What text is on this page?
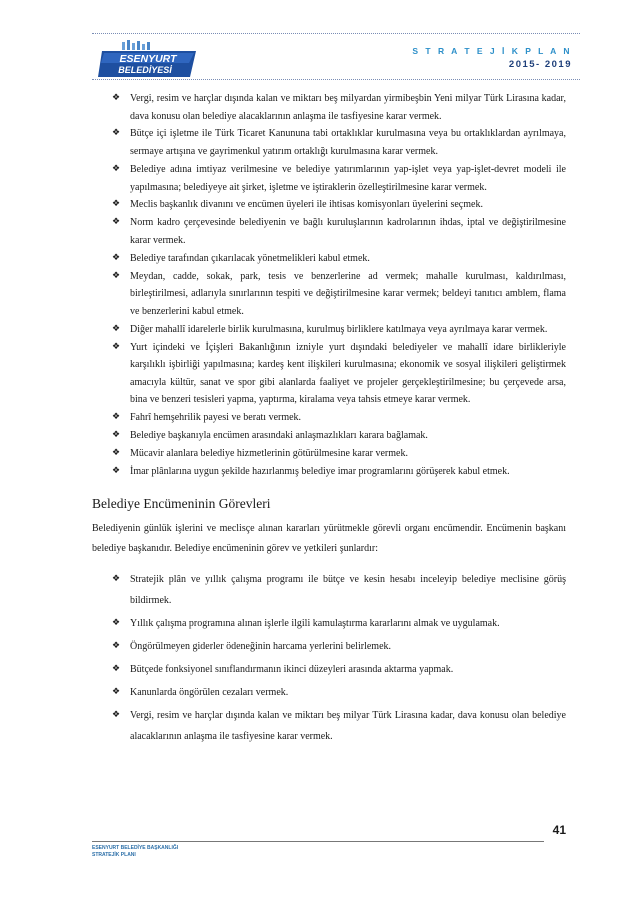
ESENYURT
BELEDİYESİ
S T R A T E J İ K P L A N
2015- 2019
❖ Vergi, resim ve harçlar dışında kalan ve miktarı beş milyardan yirmibeşbin Yeni milyar Türk Lirasına kadar, dava konusu olan belediye alacaklarının anlaşma ile tasfiyesine karar vermek.
❖ Bütçe içi işletme ile Türk Ticaret Kanununa tabi ortaklıklar kurulmasına veya bu ortaklıklardan ayrılmaya, sermaye artışına ve gayrimenkul yatırım ortaklığı kurulmasına karar vermek.
❖ Belediye adına imtiyaz verilmesine ve belediye yatırımlarının yap-işlet veya yap-işlet-devret modeli ile yapılmasına; belediyeye ait şirket, işletme ve iştiraklerin özelleştirilmesine karar vermek.
❖ Meclis başkanlık divanını ve encümen üyeleri ile ihtisas komisyonları üyelerini seçmek.
❖ Norm kadro çerçevesinde belediyenin ve bağlı kuruluşlarının kadrolarının ihdas, iptal ve değiştirilmesine karar vermek.
❖ Belediye tarafından çıkarılacak yönetmelikleri kabul etmek.
❖ Meydan, cadde, sokak, park, tesis ve benzerlerine ad vermek; mahalle kurulması, kaldırılması, birleştirilmesi, adlarıyla sınırlarının tespiti ve değiştirilmesine karar vermek; beldeyi tanıtıcı amblem, flama ve benzerlerini kabul etmek.
❖ Diğer mahallî idarelerle birlik kurulmasına, kurulmuş birliklere katılmaya veya ayrılmaya karar vermek.
❖ Yurt içindeki ve İçişleri Bakanlığının izniyle yurt dışındaki belediyeler ve mahallî idare birlikleriyle karşılıklı işbirliği yapılmasına; kardeş kent ilişkileri kurulmasına; ekonomik ve sosyal ilişkileri geliştirmek amacıyla kültür, sanat ve spor gibi alanlarda faaliyet ve projeler gerçekleştirilmesine; bu çerçevede arsa, bina ve benzeri tesisleri yapma, yaptırma, kiralama veya tahsis etmeye karar vermek.
❖ Fahrî hemşehrilik payesi ve beratı vermek.
❖ Belediye başkanıyla encümen arasındaki anlaşmazlıkları karara bağlamak.
❖ Mücavir alanlara belediye hizmetlerinin götürülmesine karar vermek.
❖ İmar plânlarına uygun şekilde hazırlanmış belediye imar programlarını görüşerek kabul etmek.
Belediye Encümeninin Görevleri
Belediyenin günlük işlerini ve meclisçe alınan kararları yürütmekle görevli organı encümendir. Encümenin başkanı belediye başkanıdır. Belediye encümeninin görev ve yetkileri şunlardır:
❖ Stratejik plân ve yıllık çalışma programı ile bütçe ve kesin hesabı inceleyip belediye meclisine görüş bildirmek.
❖ Yıllık çalışma programına alınan işlerle ilgili kamulaştırma kararlarını almak ve uygulamak.
❖ Öngörülmeyen giderler ödeneğinin harcama yerlerini belirlemek.
❖ Bütçede fonksiyonel sınıflandırmanın ikinci düzeyleri arasında aktarma yapmak.
❖ Kanunlarda öngörülen cezaları vermek.
❖ Vergi, resim ve harçlar dışında kalan ve miktarı beş milyar Türk Lirasına kadar, dava konusu olan belediye alacaklarının anlaşma ile tasfiyesine karar vermek.
41
ESENYURT BELEDİYE BAŞKANLIĞI
STRATEJİK PLANI
